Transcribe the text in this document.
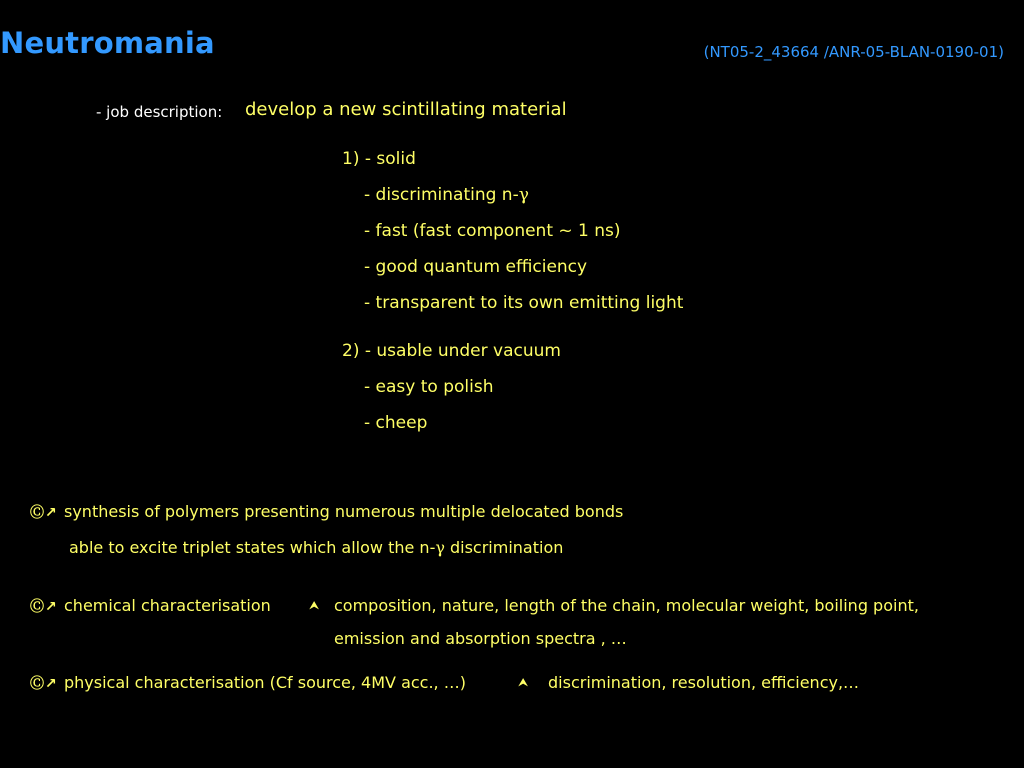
Neutromania	(NT05-2_43664 /ANR-05-BLAN-0190-01)
- job description: develop a new scintillating material
1) - solid
- discriminating n-γ
- fast (fast component ~ 1 ns)
- good quantum efficiency
- transparent to its own emitting light
2) - usable under vacuum
- easy to polish
- cheep
Ⓒ↗ synthesis of polymers presenting numerous multiple delocated bonds
able to excite triplet states which allow the n-γ discrimination
Ⓒ↗ chemical characterisation	⮝ composition, nature, length of the chain, molecular weight, boiling point,
emission and absorption spectra , …
Ⓒ↗ physical characterisation (Cf source, 4MV acc., …)	⮝ discrimination, resolution, efficiency,…
